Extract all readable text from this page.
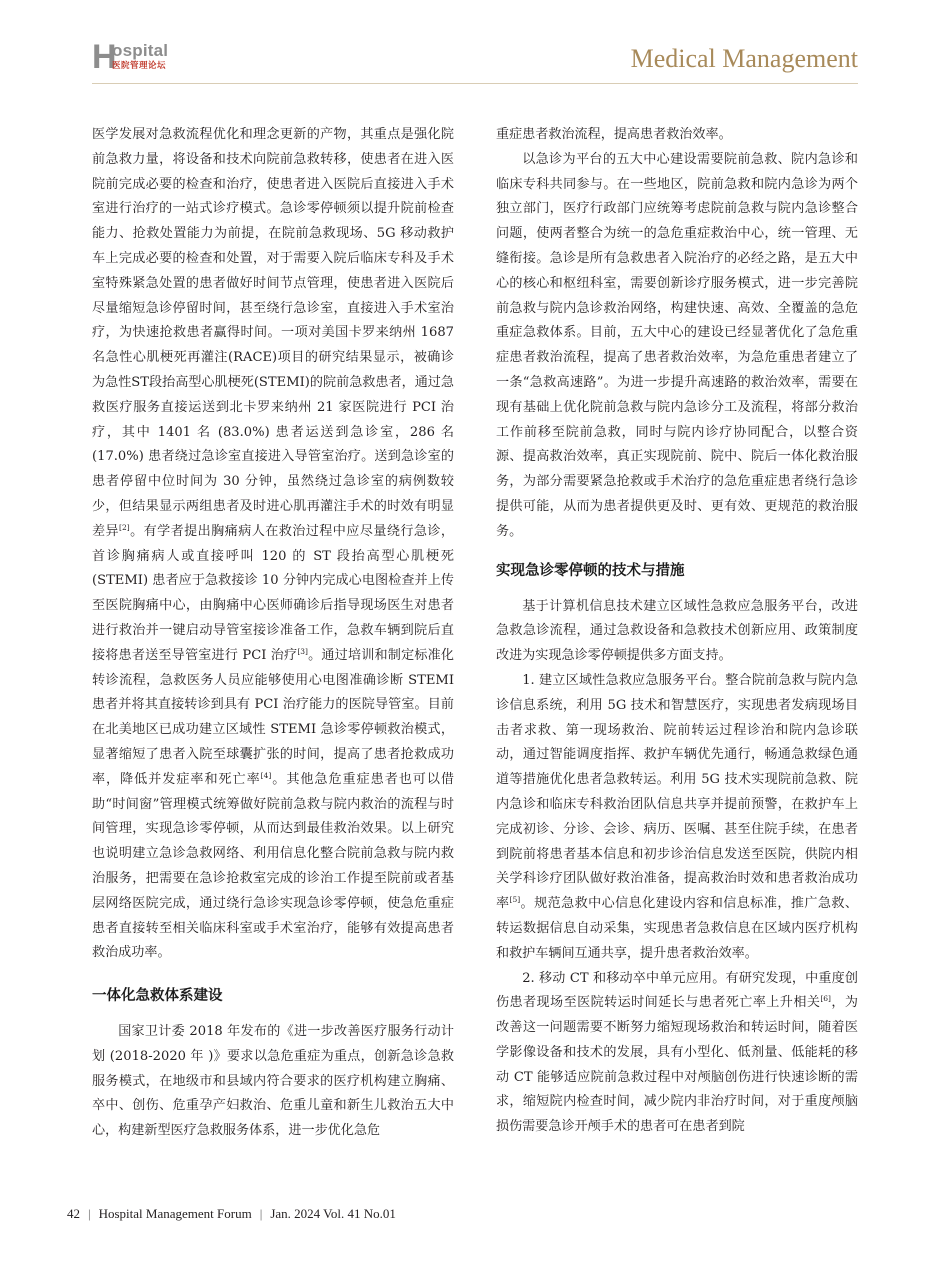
H
ospital
医院管理论坛	Medical Management

医学发展对急救流程优化和理念更新的产物，其重点是强化院前急救力量，将设备和技术向院前急救转移，使患者在进入医院前完成必要的检查和治疗，使患者进入医院后直接进入手术室进行治疗的一站式诊疗模式。急诊零停顿须以提升院前检查能力、抢救处置能力为前提，在院前急救现场、5G 移动救护车上完成必要的检查和处置，对于需要入院后临床专科及手术室特殊紧急处置的患者做好时间节点管理，使患者进入医院后尽量缩短急诊停留时间，甚至绕行急诊室，直接进入手术室治疗，为快速抢救患者赢得时间。一项对美国卡罗来纳州 1687 名急性心肌梗死再灌注(RACE)项目的研究结果显示，被确诊为急性ST段抬高型心肌梗死(STEMI)的院前急救患者，通过急救医疗服务直接运送到北卡罗来纳州 21 家医院进行 PCI 治疗，其中 1401 名 (83.0%) 患者运送到急诊室，286 名 (17.0%) 患者绕过急诊室直接进入导管室治疗。送到急诊室的患者停留中位时间为 30 分钟，虽然绕过急诊室的病例数较少，但结果显示两组患者及时进心肌再灌注手术的时效有明显差异[2]。有学者提出胸痛病人在救治过程中应尽量绕行急诊，首诊胸痛病人或直接呼叫 120 的 ST 段抬高型心肌梗死 (STEMI) 患者应于急救接诊 10 分钟内完成心电图检查并上传至医院胸痛中心，由胸痛中心医师确诊后指导现场医生对患者进行救治并一键启动导管室接诊准备工作，急救车辆到院后直接将患者送至导管室进行 PCI 治疗[3]。通过培训和制定标准化转诊流程，急救医务人员应能够使用心电图准确诊断 STEMI 患者并将其直接转诊到具有 PCI 治疗能力的医院导管室。目前在北美地区已成功建立区域性 STEMI 急诊零停顿救治模式，显著缩短了患者入院至球囊扩张的时间，提高了患者抢救成功率，降低并发症率和死亡率[4]。其他急危重症患者也可以借助“时间窗”管理模式统筹做好院前急救与院内救治的流程与时间管理，实现急诊零停顿，从而达到最佳救治效果。以上研究也说明建立急诊急救网络、利用信息化整合院前急救与院内救治服务，把需要在急诊抢救室完成的诊治工作提至院前或者基层网络医院完成，通过绕行急诊实现急诊零停顿，使急危重症患者直接转至相关临床科室或手术室治疗，能够有效提高患者救治成功率。

一体化急救体系建设

国家卫计委 2018 年发布的《进一步改善医疗服务行动计划 (2018-2020 年 )》要求以急危重症为重点，创新急诊急救服务模式，在地级市和县域内符合要求的医疗机构建立胸痛、卒中、创伤、危重孕产妇救治、危重儿童和新生儿救治五大中心，构建新型医疗急救服务体系，进一步优化急危

重症患者救治流程，提高患者救治效率。

以急诊为平台的五大中心建设需要院前急救、院内急诊和临床专科共同参与。在一些地区，院前急救和院内急诊为两个独立部门，医疗行政部门应统筹考虑院前急救与院内急诊整合问题，使两者整合为统一的急危重症救治中心，统一管理、无缝衔接。急诊是所有急救患者入院治疗的必经之路，是五大中心的核心和枢纽科室，需要创新诊疗服务模式，进一步完善院前急救与院内急诊救治网络，构建快速、高效、全覆盖的急危重症急救体系。目前，五大中心的建设已经显著优化了急危重症患者救治流程，提高了患者救治效率，为急危重患者建立了一条“急救高速路”。为进一步提升高速路的救治效率，需要在现有基础上优化院前急救与院内急诊分工及流程，将部分救治工作前移至院前急救，同时与院内诊疗协同配合，以整合资源、提高救治效率，真正实现院前、院中、院后一体化救治服务，为部分需要紧急抢救或手术治疗的急危重症患者绕行急诊提供可能，从而为患者提供更及时、更有效、更规范的救治服务。

实现急诊零停顿的技术与措施

基于计算机信息技术建立区域性急救应急服务平台，改进急救急诊流程，通过急救设备和急救技术创新应用、政策制度改进为实现急诊零停顿提供多方面支持。

1. 建立区域性急救应急服务平台。整合院前急救与院内急诊信息系统，利用 5G 技术和智慧医疗，实现患者发病现场目击者求救、第一现场救治、院前转运过程诊治和院内急诊联动，通过智能调度指挥、救护车辆优先通行，畅通急救绿色通道等措施优化患者急救转运。利用 5G 技术实现院前急救、院内急诊和临床专科救治团队信息共享并提前预警，在救护车上完成初诊、分诊、会诊、病历、医嘱、甚至住院手续，在患者到院前将患者基本信息和初步诊治信息发送至医院，供院内相关学科诊疗团队做好救治准备，提高救治时效和患者救治成功率[5]。规范急救中心信息化建设内容和信息标准，推广急救、转运数据信息自动采集，实现患者急救信息在区域内医疗机构和救护车辆间互通共享，提升患者救治效率。

2. 移动 CT 和移动卒中单元应用。有研究发现，中重度创伤患者现场至医院转运时间延长与患者死亡率上升相关[6]，为改善这一问题需要不断努力缩短现场救治和转运时间，随着医学影像设备和技术的发展，具有小型化、低剂量、低能耗的移动 CT 能够适应院前急救过程中对颅脑创伤进行快速诊断的需求，缩短院内检查时间，减少院内非治疗时间，对于重度颅脑损伤需要急诊开颅手术的患者可在患者到院

42 | Hospital Management Forum | Jan. 2024 Vol. 41 No.01
